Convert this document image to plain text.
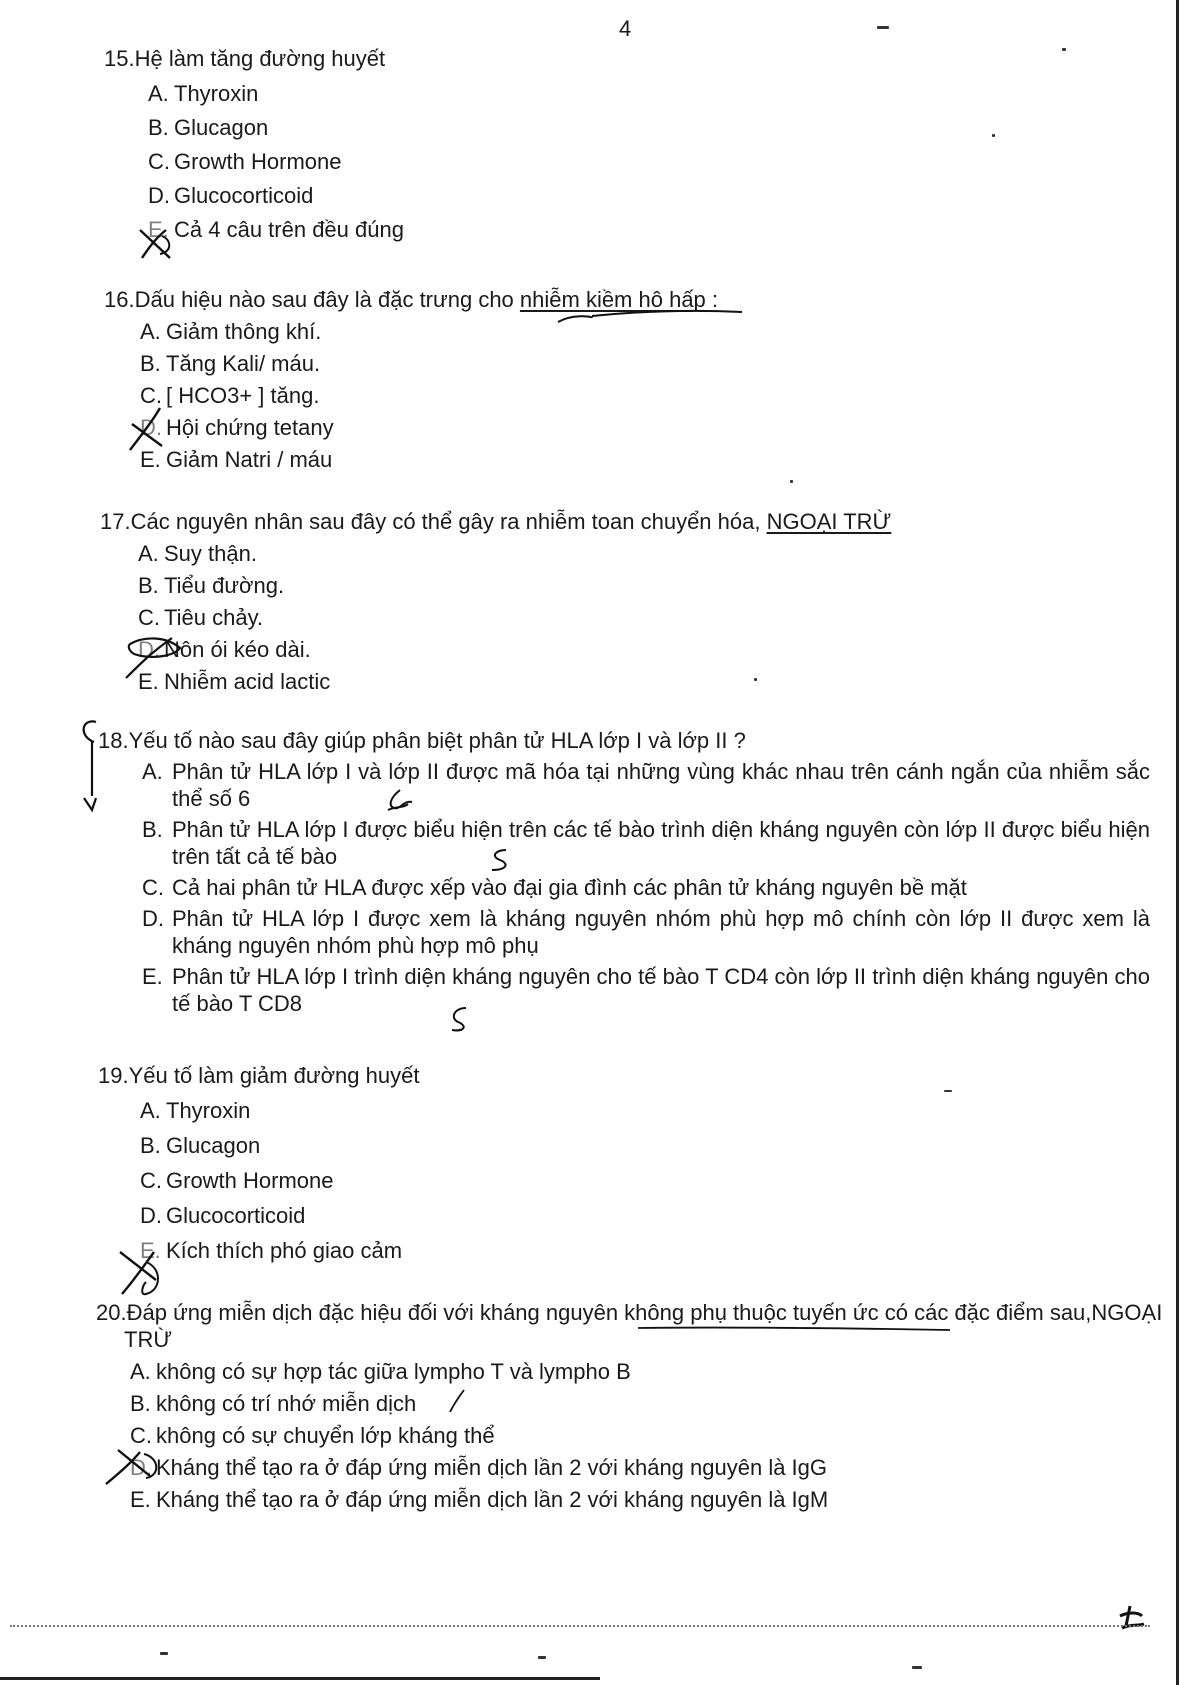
4
15.Hệ làm tăng đường huyết
A. Thyroxin
B. Glucagon
C. Growth Hormone
D. Glucocorticoid
E. Cả 4 câu trên đều đúng
16.Dấu hiệu nào sau đây là đặc trưng cho nhiễm kiềm hô hấp :
A. Giảm thông khí.
B. Tăng Kali/ máu.
C. [ HCO3+ ] tăng.
D. Hội chứng tetany
E. Giảm Natri / máu
17.Các nguyên nhân sau đây có thể gây ra nhiễm toan chuyển hóa, NGOẠI TRỪ
A. Suy thận.
B. Tiểu đường.
C. Tiêu chảy.
D. Nôn ói kéo dài.
E. Nhiễm acid lactic
18.Yếu tố nào sau đây giúp phân biệt phân tử HLA lớp I và lớp II ?
A. Phân tử HLA lớp I và lớp II được mã hóa tại những vùng khác nhau trên cánh ngắn của nhiễm sắc thể số 6
B. Phân tử HLA lớp I được biểu hiện trên các tế bào trình diện kháng nguyên còn lớp II được biểu hiện trên tất cả tế bào
C. Cả hai phân tử HLA được xếp vào đại gia đình các phân tử kháng nguyên bề mặt
D. Phân tử HLA lớp I được xem là kháng nguyên nhóm phù hợp mô chính còn lớp II được xem là kháng nguyên nhóm phù hợp mô phụ
E. Phân tử HLA lớp I trình diện kháng nguyên cho tế bào T CD4 còn lớp II trình diện kháng nguyên cho tế bào T CD8
19.Yếu tố làm giảm đường huyết
A. Thyroxin
B. Glucagon
C. Growth Hormone
D. Glucocorticoid
E. Kích thích phó giao cảm
20.Đáp ứng miễn dịch đặc hiệu đối với kháng nguyên không phụ thuộc tuyến ức có các đặc điểm sau,NGOẠI TRỪ
A. không có sự hợp tác giữa lympho T và lympho B
B. không có trí nhớ miễn dịch
C. không có sự chuyển lớp kháng thể
D. Kháng thể tạo ra ở đáp ứng miễn dịch lần 2 với kháng nguyên là IgG
E. Kháng thể tạo ra ở đáp ứng miễn dịch lần 2 với kháng nguyên là IgM
